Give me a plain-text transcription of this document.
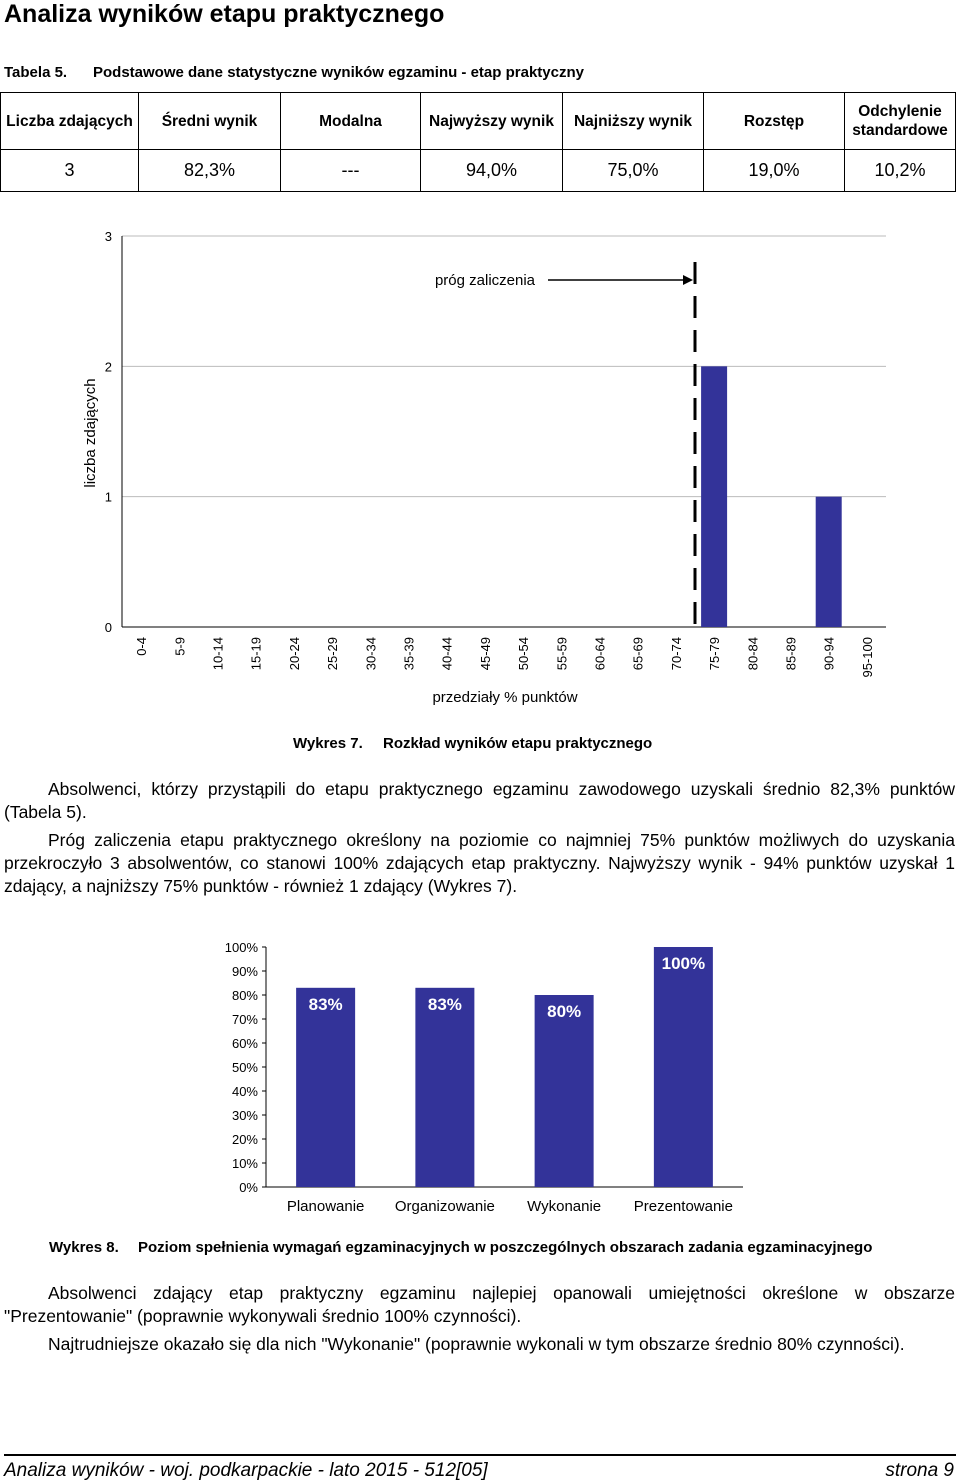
Analiza wyników etapu praktycznego
Tabela 5. Podstawowe dane statystyczne wyników egzaminu - etap praktyczny
Liczba zdających	Średni wynik	Modalna	Najwyższy wynik	Najniższy wynik	Rozstęp	Odchylenie standardowe
3	82,3%	---	94,0%	75,0%	19,0%	10,2%
0
1
2
3
0-4 5-9 10-14 15-19 20-24 25-29 30-34 35-39 40-44 45-49 50-54 55-59 60-64 65-69 70-74 75-79 80-84 85-89 90-94 95-100
liczba zdających
przedziały % punktów
próg zaliczenia
Wykres 7. Rozkład wyników etapu praktycznego

Absolwenci, którzy przystąpili do etapu praktycznego egzaminu zawodowego uzyskali średnio 82,3% punktów (Tabela 5).

Próg zaliczenia etapu praktycznego określony na poziomie co najmniej 75% punktów możliwych do uzyskania przekroczyło 3 absolwentów, co stanowi 100% zdających etap praktyczny. Najwyższy wynik - 94% punktów uzyskał 1 zdający, a najniższy 75% punktów - również 1 zdający (Wykres 7).

83%	83%	80%
100%
0%
10%
20%
30%
40%
50%
60%
70%
80%
90%
100%
Planowanie Organizowanie Wykonanie Prezentowanie
Wykres 8. Poziom spełnienia wymagań egzaminacyjnych w poszczególnych obszarach zadania egzaminacyjnego

Absolwenci zdający etap praktyczny egzaminu najlepiej opanowali umiejętności określone w obszarze "Prezentowanie" (poprawnie wykonywali średnio 100% czynności).

Najtrudniejsze okazało się dla nich "Wykonanie" (poprawnie wykonali w tym obszarze średnio 80% czynności).

Analiza wyników - woj. podkarpackie - lato 2015 - 512[05]	strona 9
